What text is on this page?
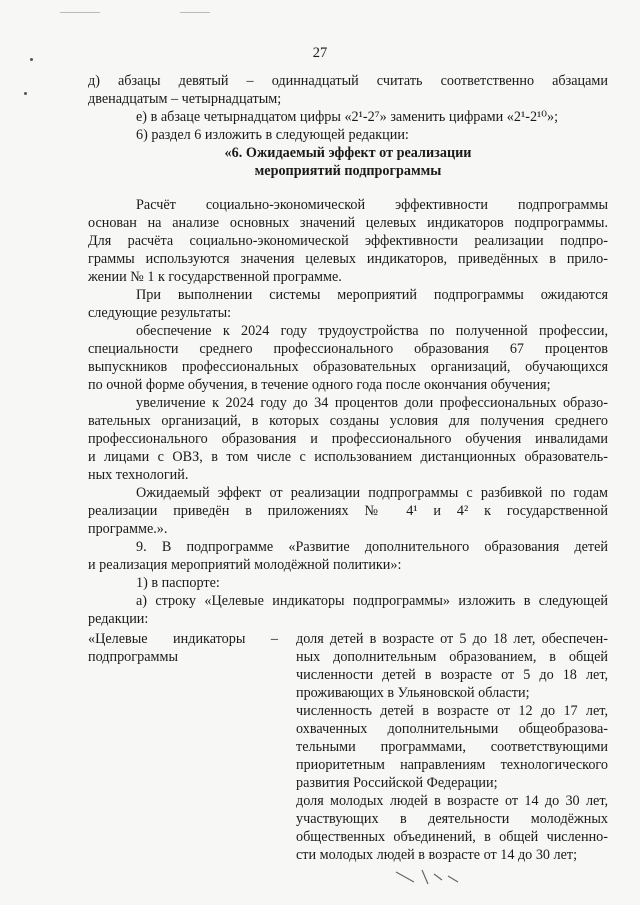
27

д) абзацы девятый – одиннадцатый считать соответственно абзацами

двенадцатым – четырнадцатым;

е) в абзаце четырнадцатом цифры «2¹-2⁷» заменить цифрами «2¹-2¹⁰»;

6) раздел 6 изложить в следующей редакции:

«6. Ожидаемый эффект от реализации

мероприятий подпрограммы

Расчёт социально-экономической эффективности подпрограммы

основан на анализе основных значений целевых индикаторов подпрограммы.

Для расчёта социально-экономической эффективности реализации подпро-

граммы используются значения целевых индикаторов, приведённых в прило-

жении № 1 к государственной программе.

При выполнении системы мероприятий подпрограммы ожидаются

следующие результаты:

обеспечение к 2024 году трудоустройства по полученной профессии,

специальности среднего профессионального образования 67 процентов

выпускников профессиональных образовательных организаций, обучающихся

по очной форме обучения, в течение одного года после окончания обучения;

увеличение к 2024 году до 34 процентов доли профессиональных образо-

вательных организаций, в которых созданы условия для получения среднего

профессионального образования и профессионального обучения инвалидами

и лицами с ОВЗ, в том числе с использованием дистанционных образователь-

ных технологий.

Ожидаемый эффект от реализации подпрограммы с разбивкой по годам

реализации приведён в приложениях № 4¹ и 4² к государственной

программе.».

9. В подпрограмме «Развитие дополнительного образования детей

и реализация мероприятий молодёжной политики»:

1) в паспорте:

а) строку «Целевые индикаторы подпрограммы» изложить в следующей

редакции:

«Целевые индикаторы –

подпрограммы

доля детей в возрасте от 5 до 18 лет, обеспечен-

ных дополнительным образованием, в общей

численности детей в возрасте от 5 до 18 лет,

проживающих в Ульяновской области;

численность детей в возрасте от 12 до 17 лет,

охваченных дополнительными общеобразова-

тельными программами, соответствующими

приоритетным направлениям технологического

развития Российской Федерации;

доля молодых людей в возрасте от 14 до 30 лет,

участвующих в деятельности молодёжных

общественных объединений, в общей численно-

сти молодых людей в возрасте от 14 до 30 лет;
